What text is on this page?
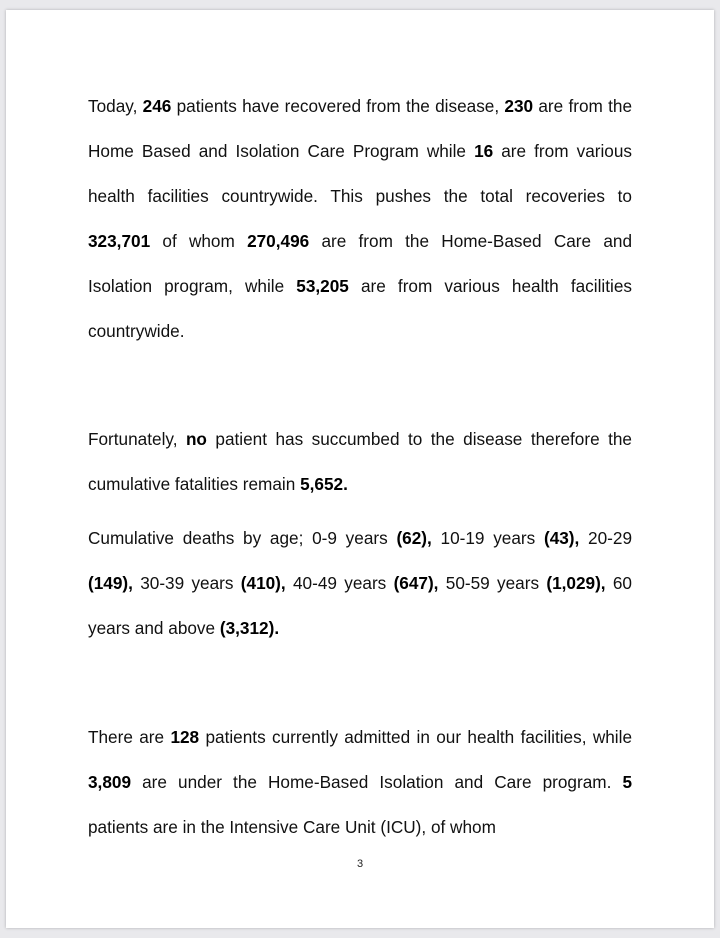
Today, 246 patients have recovered from the disease, 230 are from the Home Based and Isolation Care Program while 16 are from various health facilities countrywide. This pushes the total recoveries to 323,701 of whom 270,496 are from the Home-Based Care and Isolation program, while 53,205 are from various health facilities countrywide.

Fortunately, no patient has succumbed to the disease therefore the cumulative fatalities remain 5,652.

Cumulative deaths by age; 0-9 years (62), 10-19 years (43), 20-29 (149), 30-39 years (410), 40-49 years (647), 50-59 years (1,029), 60 years and above (3,312).

There are 128 patients currently admitted in our health facilities, while 3,809 are under the Home-Based Isolation and Care program. 5 patients are in the Intensive Care Unit (ICU), of whom

3
